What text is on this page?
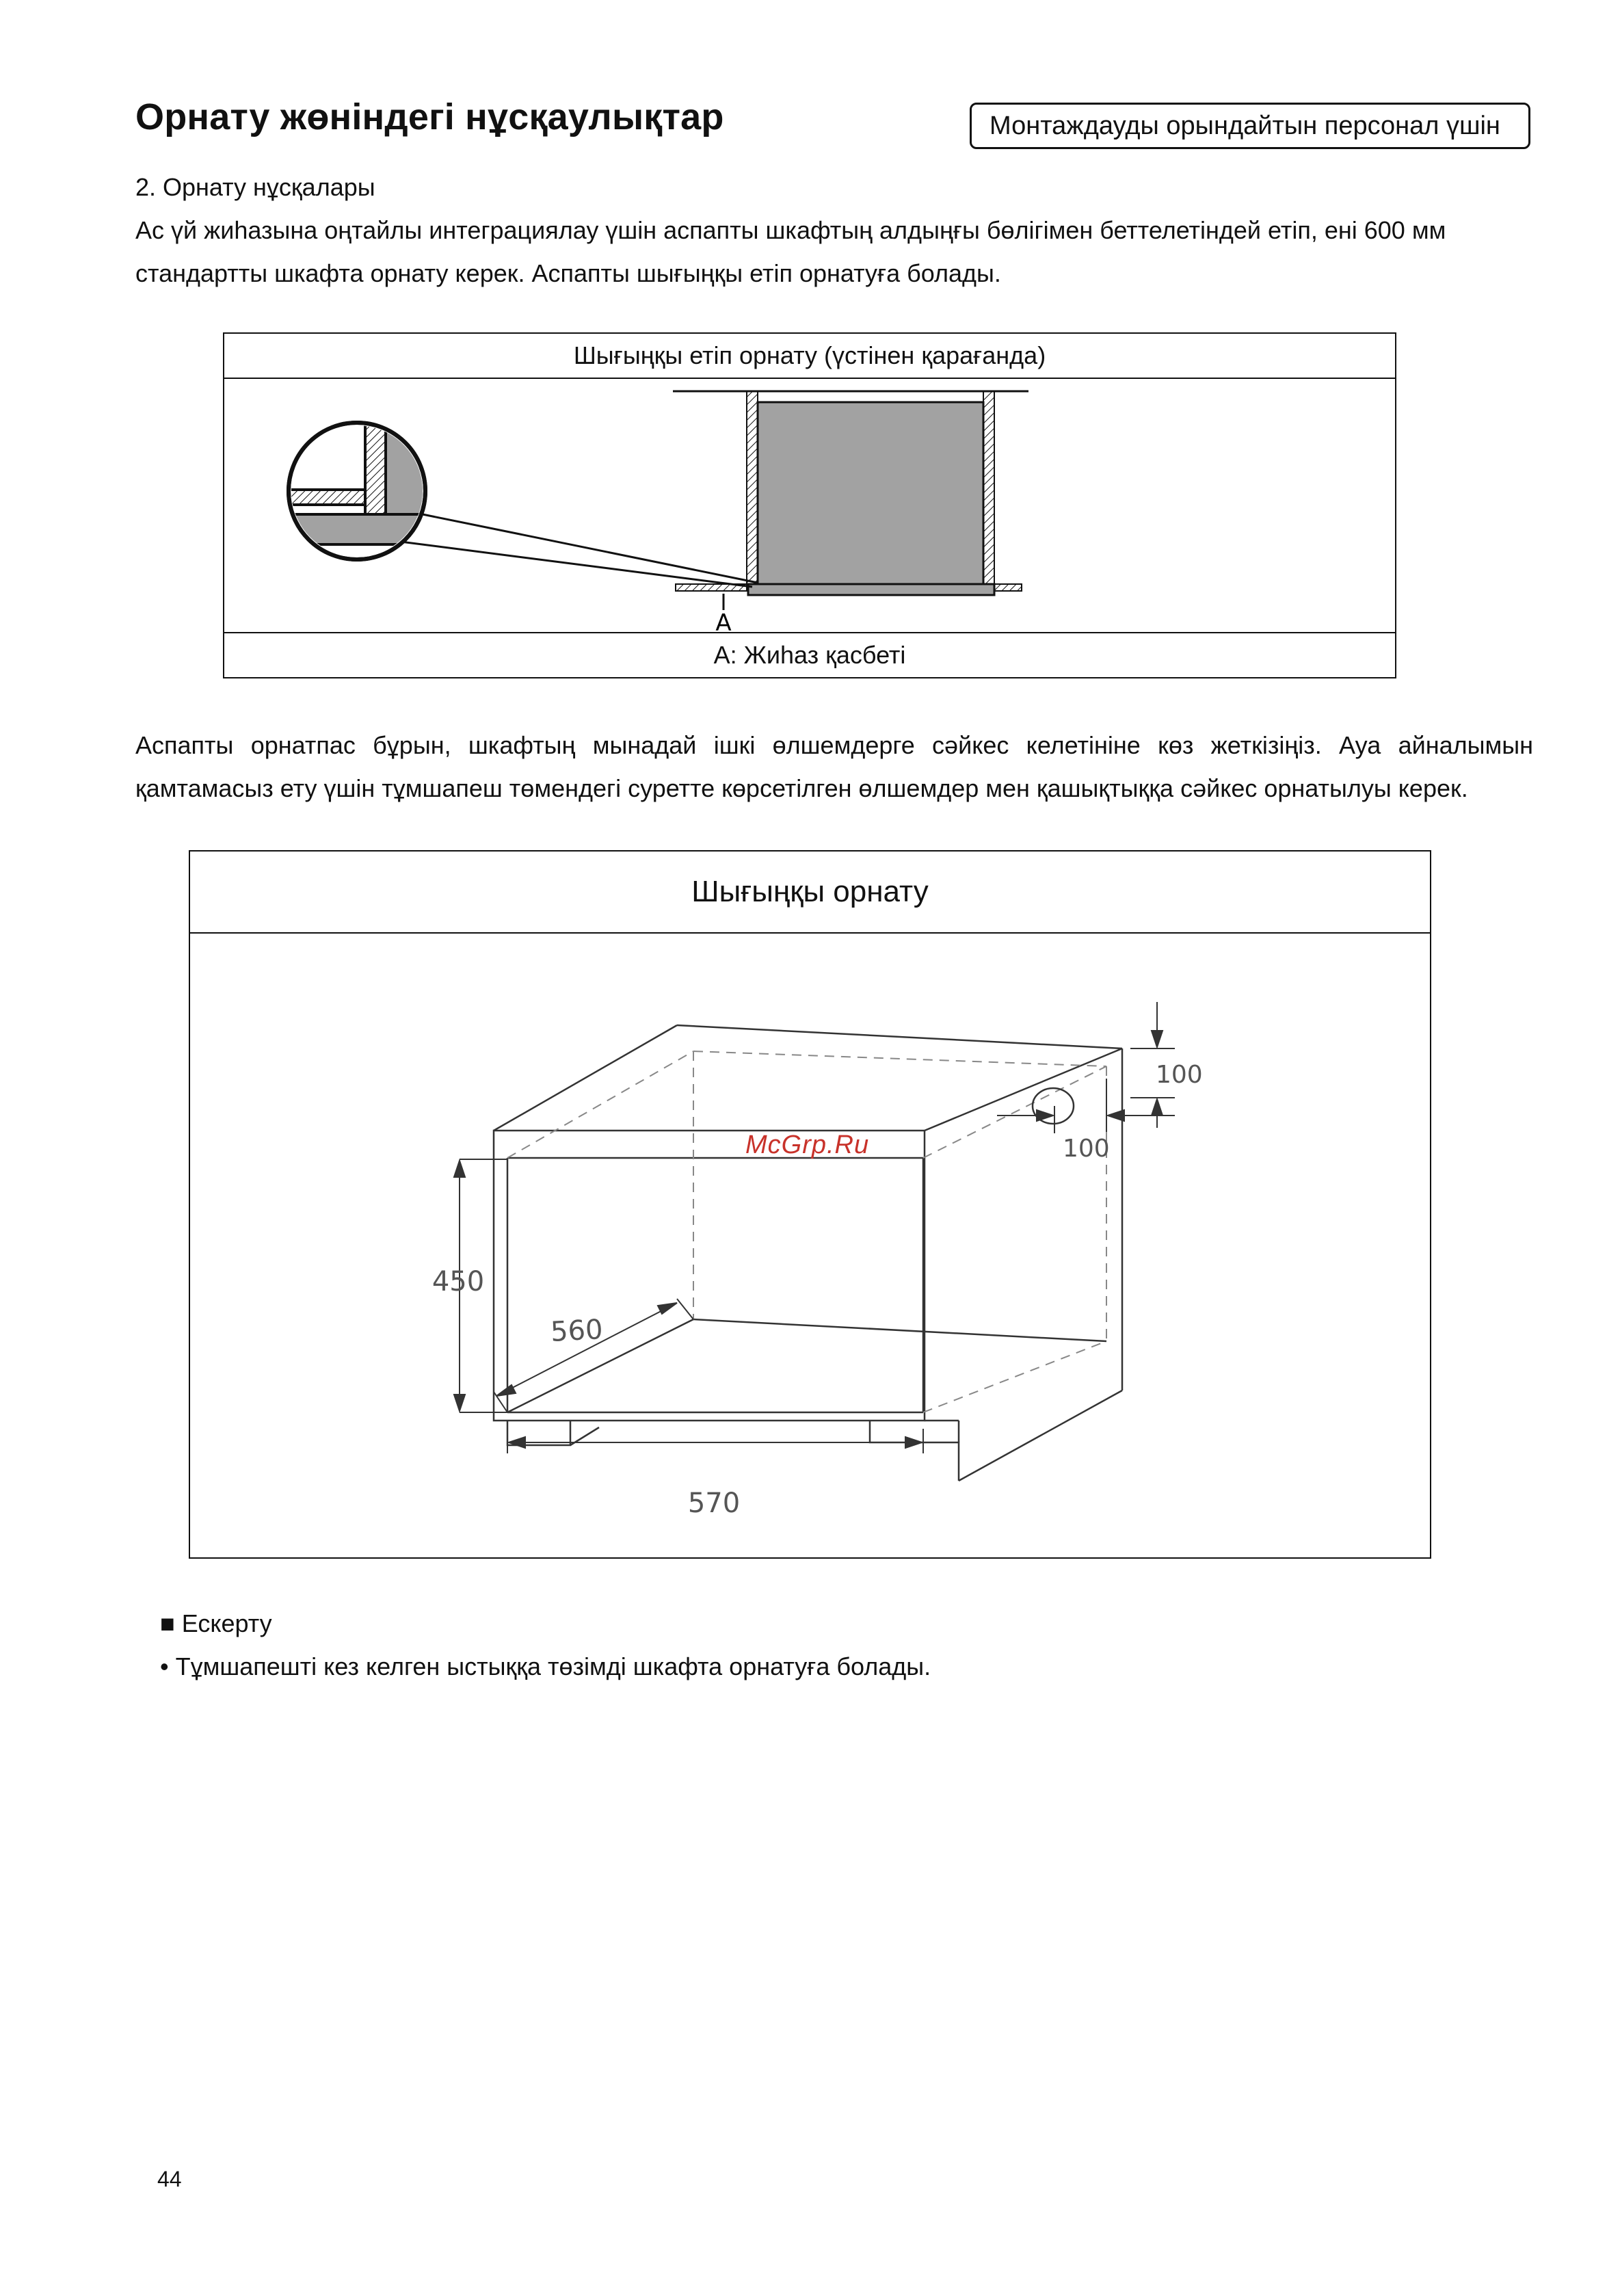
Орнату жөніндегі нұсқаулықтар	Монтаждауды орындайтын персонал үшін
2. Орнату нұсқалары
Ас үй жиһазына оңтайлы интеграциялау үшін аспапты шкафтың алдыңғы бөлігімен беттелетіндей етіп, ені 600 мм
стандартты шкафта орнату керек. Аспапты шығыңқы етіп орнатуға болады.
Шығыңқы етіп орнату (үстінен қарағанда)
A
A: Жиһаз қасбеті
Аспапты орнатпас бұрын, шкафтың мынадай ішкі өлшемдерге сәйкес келетініне көз жеткізіңіз. Ауа айналымын қамтамасыз ету үшін тұмшапеш төмендегі суретте көрсетілген өлшемдер мен қашықтыққа сәйкес орнатылуы керек.
Шығыңқы орнату
450
560
570
100
100
McGrp.Ru
■ Ескерту
• Тұмшапешті кез келген ыстыққа төзімді шкафта орнатуға болады.
44
